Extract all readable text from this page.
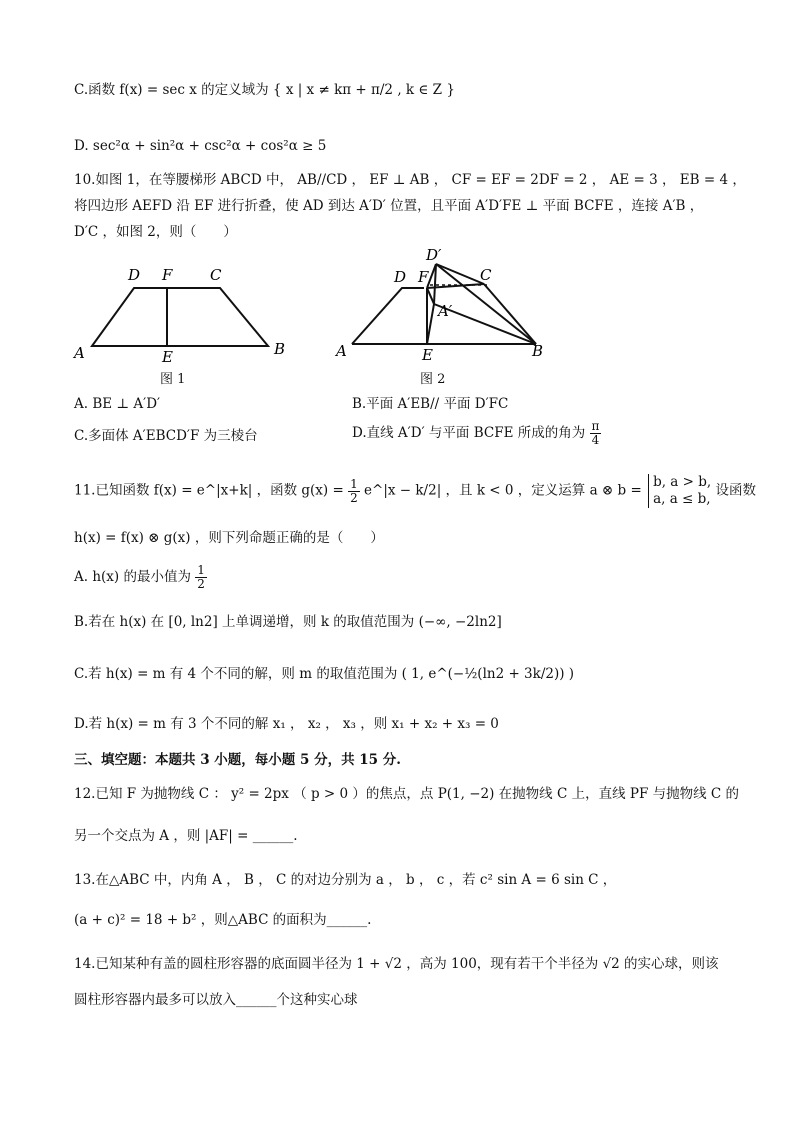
C.函数 f(x) = sec x 的定义域为 { x | x ≠ kπ + π/2 , k ∈ Z }
D. sec²α + sin²α + csc²α + cos²α ≥ 5
10.如图 1，在等腰梯形 ABCD 中， AB//CD ， EF ⊥ AB ， CF = EF = 2DF = 2 ， AE = 3 ， EB = 4 ，
将四边形 AEFD 沿 EF 进行折叠，使 AD 到达 A′D′ 位置，且平面 A′D′FE ⊥ 平面 BCFE ，连接 A′B ，
D′C ，如图 2，则（　　）
D F	C
A	E	B
图 1
D′
D F	C
A′
A	E	B
图 2
A. BE ⊥ A′D′	B.平面 A′EB// 平面 D′FC
C.多面体 A′EBCD′F 为三棱台	D.直线 A′D′ 与平面 BCFE 所成的角为 $\frac{\pi}{4}$
11.已知函数 f(x) = e^|x+k| ，函数 $g(x) = \frac{1}{2}$ e^|x − k/2| ，且 k < 0 ，定义运算 a ⊗ b =
b, a > b,
a, a ≤ b,
设函数
h(x) = f(x) ⊗ g(x) ，则下列命题正确的是（　　）
A. h(x) 的最小值为 $\frac{1}{2}$
B.若在 h(x) 在 [0, ln2] 上单调递增，则 k 的取值范围为 (−∞, −2ln2]
C.若 h(x) = m 有 4 个不同的解，则 m 的取值范围为 ( 1, e^(−½(ln2 + 3k/2)) )
D.若 h(x) = m 有 3 个不同的解 x₁ ， x₂ ， x₃ ，则 x₁ + x₂ + x₃ = 0
三、填空题：本题共 3 小题，每小题 5 分，共 15 分.
12.已知 F 为抛物线 C ： y² = 2px （ p > 0 ）的焦点，点 P(1, −2) 在抛物线 C 上，直线 PF 与抛物线 C 的
另一个交点为 A ，则 |AF| = ______.
13.在△ABC 中，内角 A ， B ， C 的对边分别为 a ， b ， c ，若 c² sin A = 6 sin C ，
(a + c)² = 18 + b² ，则△ABC 的面积为______.
14.已知某种有盖的圆柱形容器的底面圆半径为 1 + √2 ，高为 100，现有若干个半径为 √2 的实心球，则该
圆柱形容器内最多可以放入______个这种实心球
